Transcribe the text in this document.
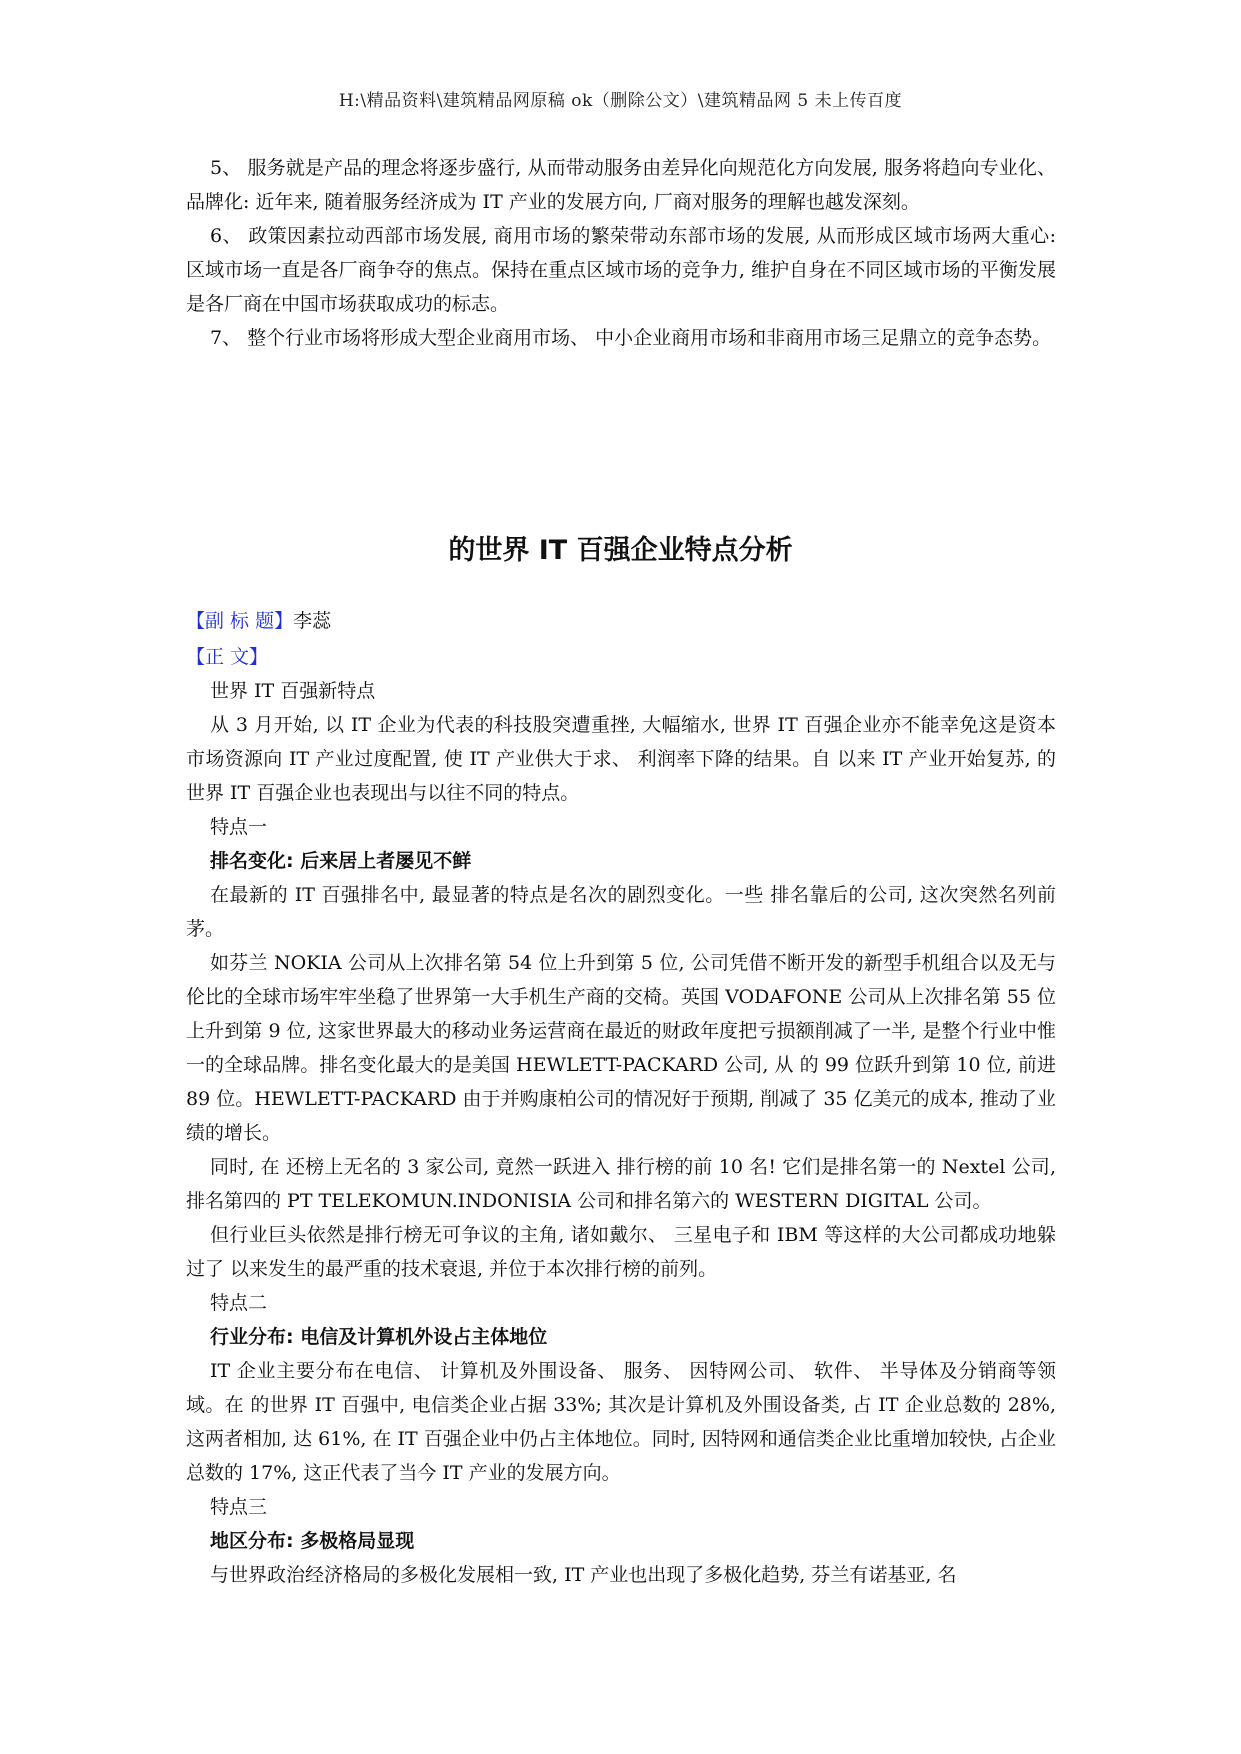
H:\精品资料\建筑精品网原稿 ok（删除公文）\建筑精品网 5 未上传百度

5、 服务就是产品的理念将逐步盛行, 从而带动服务由差异化向规范化方向发展, 服务将趋向专业化、 品牌化: 近年来, 随着服务经济成为 IT 产业的发展方向, 厂商对服务的理解也越发深刻。

6、 政策因素拉动西部市场发展, 商用市场的繁荣带动东部市场的发展, 从而形成区域市场两大重心: 区域市场一直是各厂商争夺的焦点。保持在重点区域市场的竞争力, 维护自身在不同区域市场的平衡发展是各厂商在中国市场获取成功的标志。

7、 整个行业市场将形成大型企业商用市场、 中小企业商用市场和非商用市场三足鼎立的竞争态势。

的世界 IT 百强企业特点分析
【副 标 题】李蕊
【正 文】

世界 IT 百强新特点

从 3 月开始, 以 IT 企业为代表的科技股突遭重挫, 大幅缩水, 世界 IT 百强企业亦不能幸免这是资本市场资源向 IT 产业过度配置, 使 IT 产业供大于求、 利润率下降的结果。自 以来 IT 产业开始复苏, 的世界 IT 百强企业也表现出与以往不同的特点。

特点一

排名变化: 后来居上者屡见不鲜

在最新的 IT 百强排名中, 最显著的特点是名次的剧烈变化。一些 排名靠后的公司, 这次突然名列前茅。

如芬兰 NOKIA 公司从上次排名第 54 位上升到第 5 位, 公司凭借不断开发的新型手机组合以及无与伦比的全球市场牢牢坐稳了世界第一大手机生产商的交椅。英国 VODAFONE 公司从上次排名第 55 位上升到第 9 位, 这家世界最大的移动业务运营商在最近的财政年度把亏损额削减了一半, 是整个行业中惟一的全球品牌。排名变化最大的是美国 HEWLETT-PACKARD 公司, 从 的 99 位跃升到第 10 位, 前进 89 位。HEWLETT-PACKARD 由于并购康柏公司的情况好于预期, 削减了 35 亿美元的成本, 推动了业绩的增长。

同时, 在 还榜上无名的 3 家公司, 竟然一跃进入 排行榜的前 10 名! 它们是排名第一的 Nextel 公司, 排名第四的 PT TELEKOMUN.INDONISIA 公司和排名第六的 WESTERN DIGITAL 公司。

但行业巨头依然是排行榜无可争议的主角, 诸如戴尔、 三星电子和 IBM 等这样的大公司都成功地躲过了 以来发生的最严重的技术衰退, 并位于本次排行榜的前列。

特点二

行业分布: 电信及计算机外设占主体地位

IT 企业主要分布在电信、 计算机及外围设备、 服务、 因特网公司、 软件、 半导体及分销商等领域。在 的世界 IT 百强中, 电信类企业占据 33%; 其次是计算机及外围设备类, 占 IT 企业总数的 28%, 这两者相加, 达 61%, 在 IT 百强企业中仍占主体地位。同时, 因特网和通信类企业比重增加较快, 占企业总数的 17%, 这正代表了当今 IT 产业的发展方向。

特点三

地区分布: 多极格局显现

与世界政治经济格局的多极化发展相一致, IT 产业也出现了多极化趋势, 芬兰有诺基亚, 名
